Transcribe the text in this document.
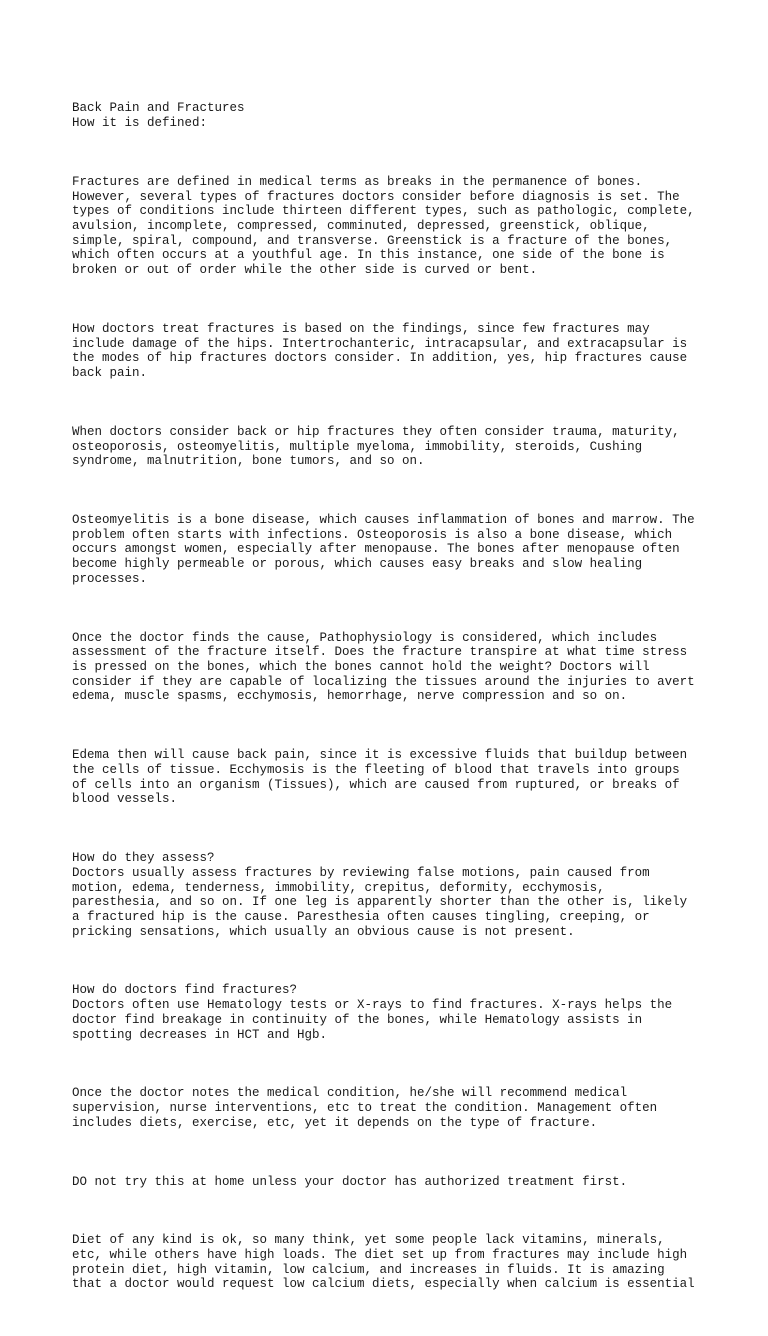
Back Pain and Fractures
How it is defined:

Fractures are defined in medical terms as breaks in the permanence of bones.
However, several types of fractures doctors consider before diagnosis is set. The
types of conditions include thirteen different types, such as pathologic, complete,
avulsion, incomplete, compressed, comminuted, depressed, greenstick, oblique,
simple, spiral, compound, and transverse. Greenstick is a fracture of the bones,
which often occurs at a youthful age. In this instance, one side of the bone is
broken or out of order while the other side is curved or bent.

How doctors treat fractures is based on the findings, since few fractures may
include damage of the hips. Intertrochanteric, intracapsular, and extracapsular is
the modes of hip fractures doctors consider. In addition, yes, hip fractures cause
back pain.

When doctors consider back or hip fractures they often consider trauma, maturity,
osteoporosis, osteomyelitis, multiple myeloma, immobility, steroids, Cushing
syndrome, malnutrition, bone tumors, and so on.

Osteomyelitis is a bone disease, which causes inflammation of bones and marrow. The
problem often starts with infections. Osteoporosis is also a bone disease, which
occurs amongst women, especially after menopause. The bones after menopause often
become highly permeable or porous, which causes easy breaks and slow healing
processes.

Once the doctor finds the cause, Pathophysiology is considered, which includes
assessment of the fracture itself. Does the fracture transpire at what time stress
is pressed on the bones, which the bones cannot hold the weight? Doctors will
consider if they are capable of localizing the tissues around the injuries to avert
edema, muscle spasms, ecchymosis, hemorrhage, nerve compression and so on.

Edema then will cause back pain, since it is excessive fluids that buildup between
the cells of tissue. Ecchymosis is the fleeting of blood that travels into groups
of cells into an organism (Tissues), which are caused from ruptured, or breaks of
blood vessels.

How do they assess?
Doctors usually assess fractures by reviewing false motions, pain caused from
motion, edema, tenderness, immobility, crepitus, deformity, ecchymosis,
paresthesia, and so on. If one leg is apparently shorter than the other is, likely
a fractured hip is the cause. Paresthesia often causes tingling, creeping, or
pricking sensations, which usually an obvious cause is not present.

How do doctors find fractures?
Doctors often use Hematology tests or X-rays to find fractures. X-rays helps the
doctor find breakage in continuity of the bones, while Hematology assists in
spotting decreases in HCT and Hgb.

Once the doctor notes the medical condition, he/she will recommend medical
supervision, nurse interventions, etc to treat the condition. Management often
includes diets, exercise, etc, yet it depends on the type of fracture.

DO not try this at home unless your doctor has authorized treatment first.

Diet of any kind is ok, so many think, yet some people lack vitamins, minerals,
etc, while others have high loads. The diet set up from fractures may include high
protein diet, high vitamin, low calcium, and increases in fluids. It is amazing
that a doctor would request low calcium diets, especially when calcium is essential
